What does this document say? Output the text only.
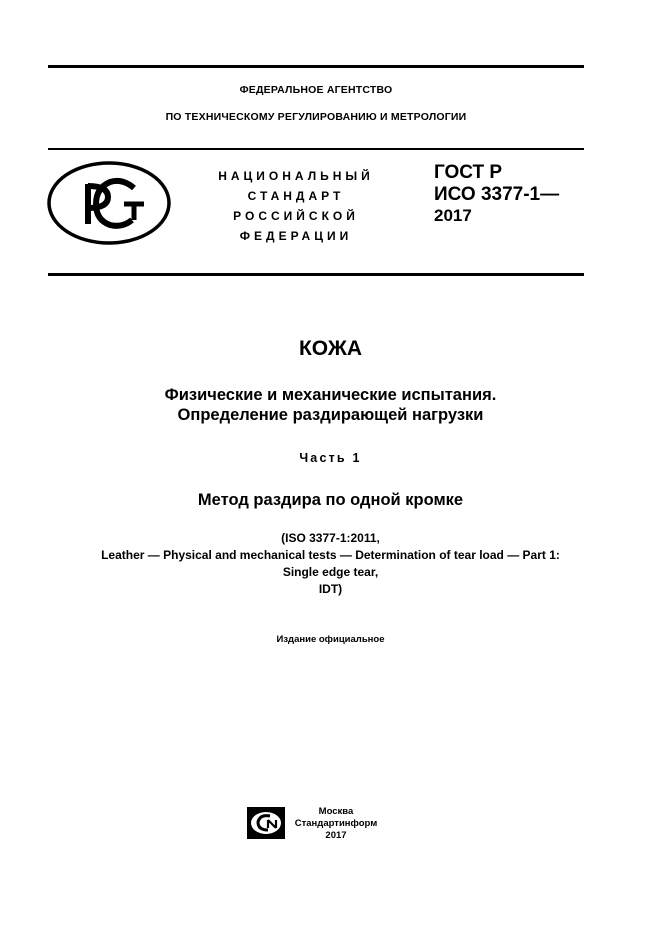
ФЕДЕРАЛЬНОЕ АГЕНТСТВО
ПО ТЕХНИЧЕСКОМУ РЕГУЛИРОВАНИЮ И МЕТРОЛОГИИ
НАЦИОНАЛЬНЫЙ
СТАНДАРТ
РОССИЙСКОЙ
ФЕДЕРАЦИИ
ГОСТ Р
ИСО 3377-1—
2017
КОЖА
Физические и механические испытания.
Определение раздирающей нагрузки
Часть 1
Метод раздира по одной кромке
(ISO 3377-1:2011,
Leather — Physical and mechanical tests — Determination of tear load — Part 1:
Single edge tear,
IDT)
Издание официальное
Москва
Стандартинформ
2017
